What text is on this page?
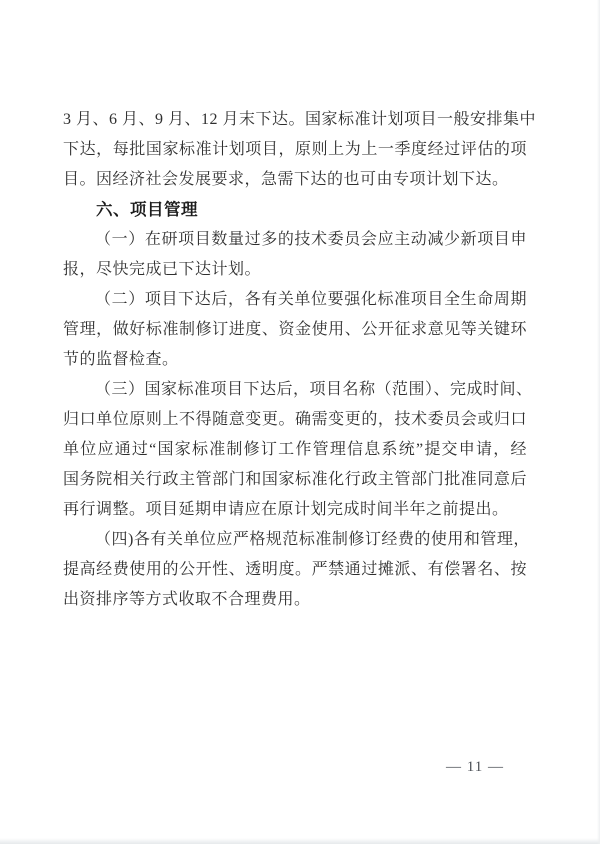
3 月、6 月、9 月、12 月末下达。国家标准计划项目一般安排集中
下达，每批国家标准计划项目，原则上为上一季度经过评估的项
目。因经济社会发展要求，急需下达的也可由专项计划下达。
六、项目管理
（一）在研项目数量过多的技术委员会应主动减少新项目申
报，尽快完成已下达计划。
（二）项目下达后，各有关单位要强化标准项目全生命周期
管理，做好标准制修订进度、资金使用、公开征求意见等关键环
节的监督检查。
（三）国家标准项目下达后，项目名称（范围）、完成时间、
归口单位原则上不得随意变更。确需变更的，技术委员会或归口
单位应通过“国家标准制修订工作管理信息系统”提交申请，经
国务院相关行政主管部门和国家标准化行政主管部门批准同意后
再行调整。项目延期申请应在原计划完成时间半年之前提出。
（四)各有关单位应严格规范标准制修订经费的使用和管理，
提高经费使用的公开性、透明度。严禁通过摊派、有偿署名、按
出资排序等方式收取不合理费用。
— 11 —
